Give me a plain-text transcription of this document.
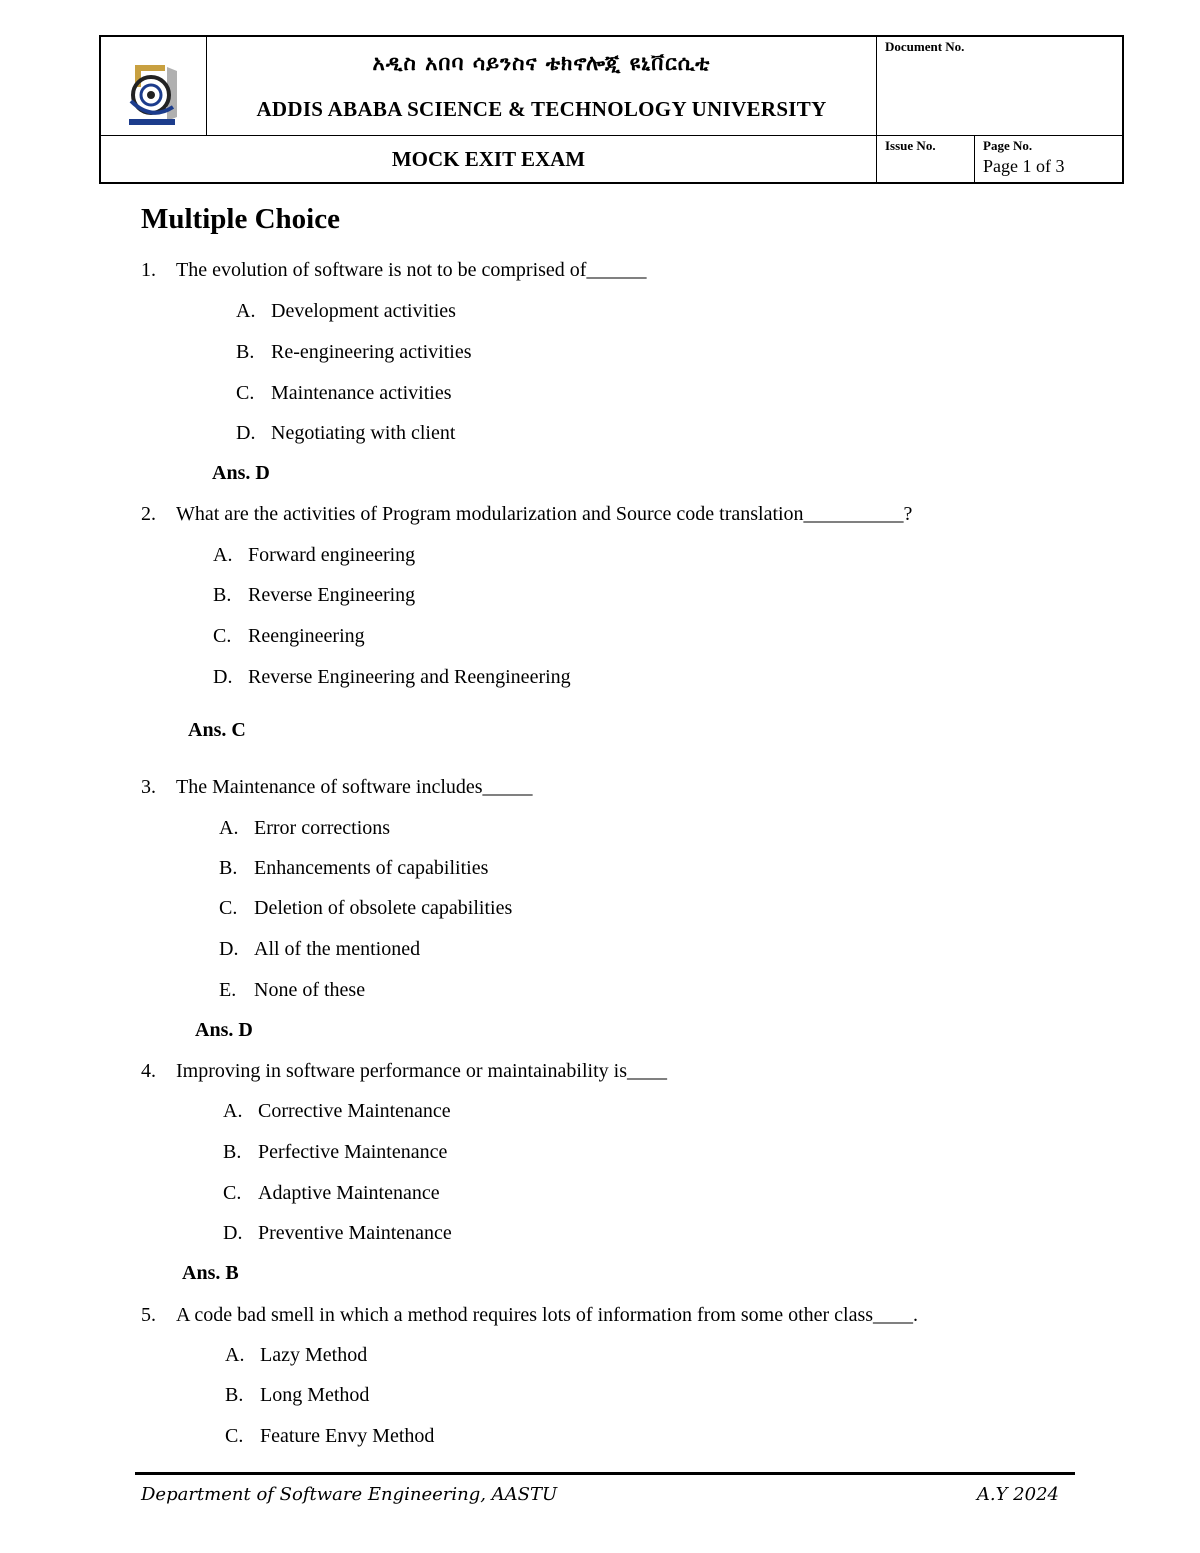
አዲስ አበባ ሳይንስና ቴክኖሎጂ ዩኒቨርሲቲ
ADDIS ABABA SCIENCE & TECHNOLOGY UNIVERSITY
Document No.
MOCK EXIT EXAM
Issue No.	Page No.
Page 1 of 3
Multiple Choice
1. The evolution of software is not to be comprised of______
A. Development activities
B. Re-engineering activities
C. Maintenance activities
D. Negotiating with client
Ans. D
2. What are the activities of Program modularization and Source code translation__________?
A. Forward engineering
B. Reverse Engineering
C. Reengineering
D. Reverse Engineering and Reengineering
Ans. C
3. The Maintenance of software includes_____
A. Error corrections
B. Enhancements of capabilities
C. Deletion of obsolete capabilities
D. All of the mentioned
E. None of these
Ans. D
4. Improving in software performance or maintainability is____
A. Corrective Maintenance
B. Perfective Maintenance
C. Adaptive Maintenance
D. Preventive Maintenance
Ans. B
5. A code bad smell in which a method requires lots of information from some other class____.
A. Lazy Method
B. Long Method
C. Feature Envy Method
Department of Software Engineering, AASTU	A.Y 2024
